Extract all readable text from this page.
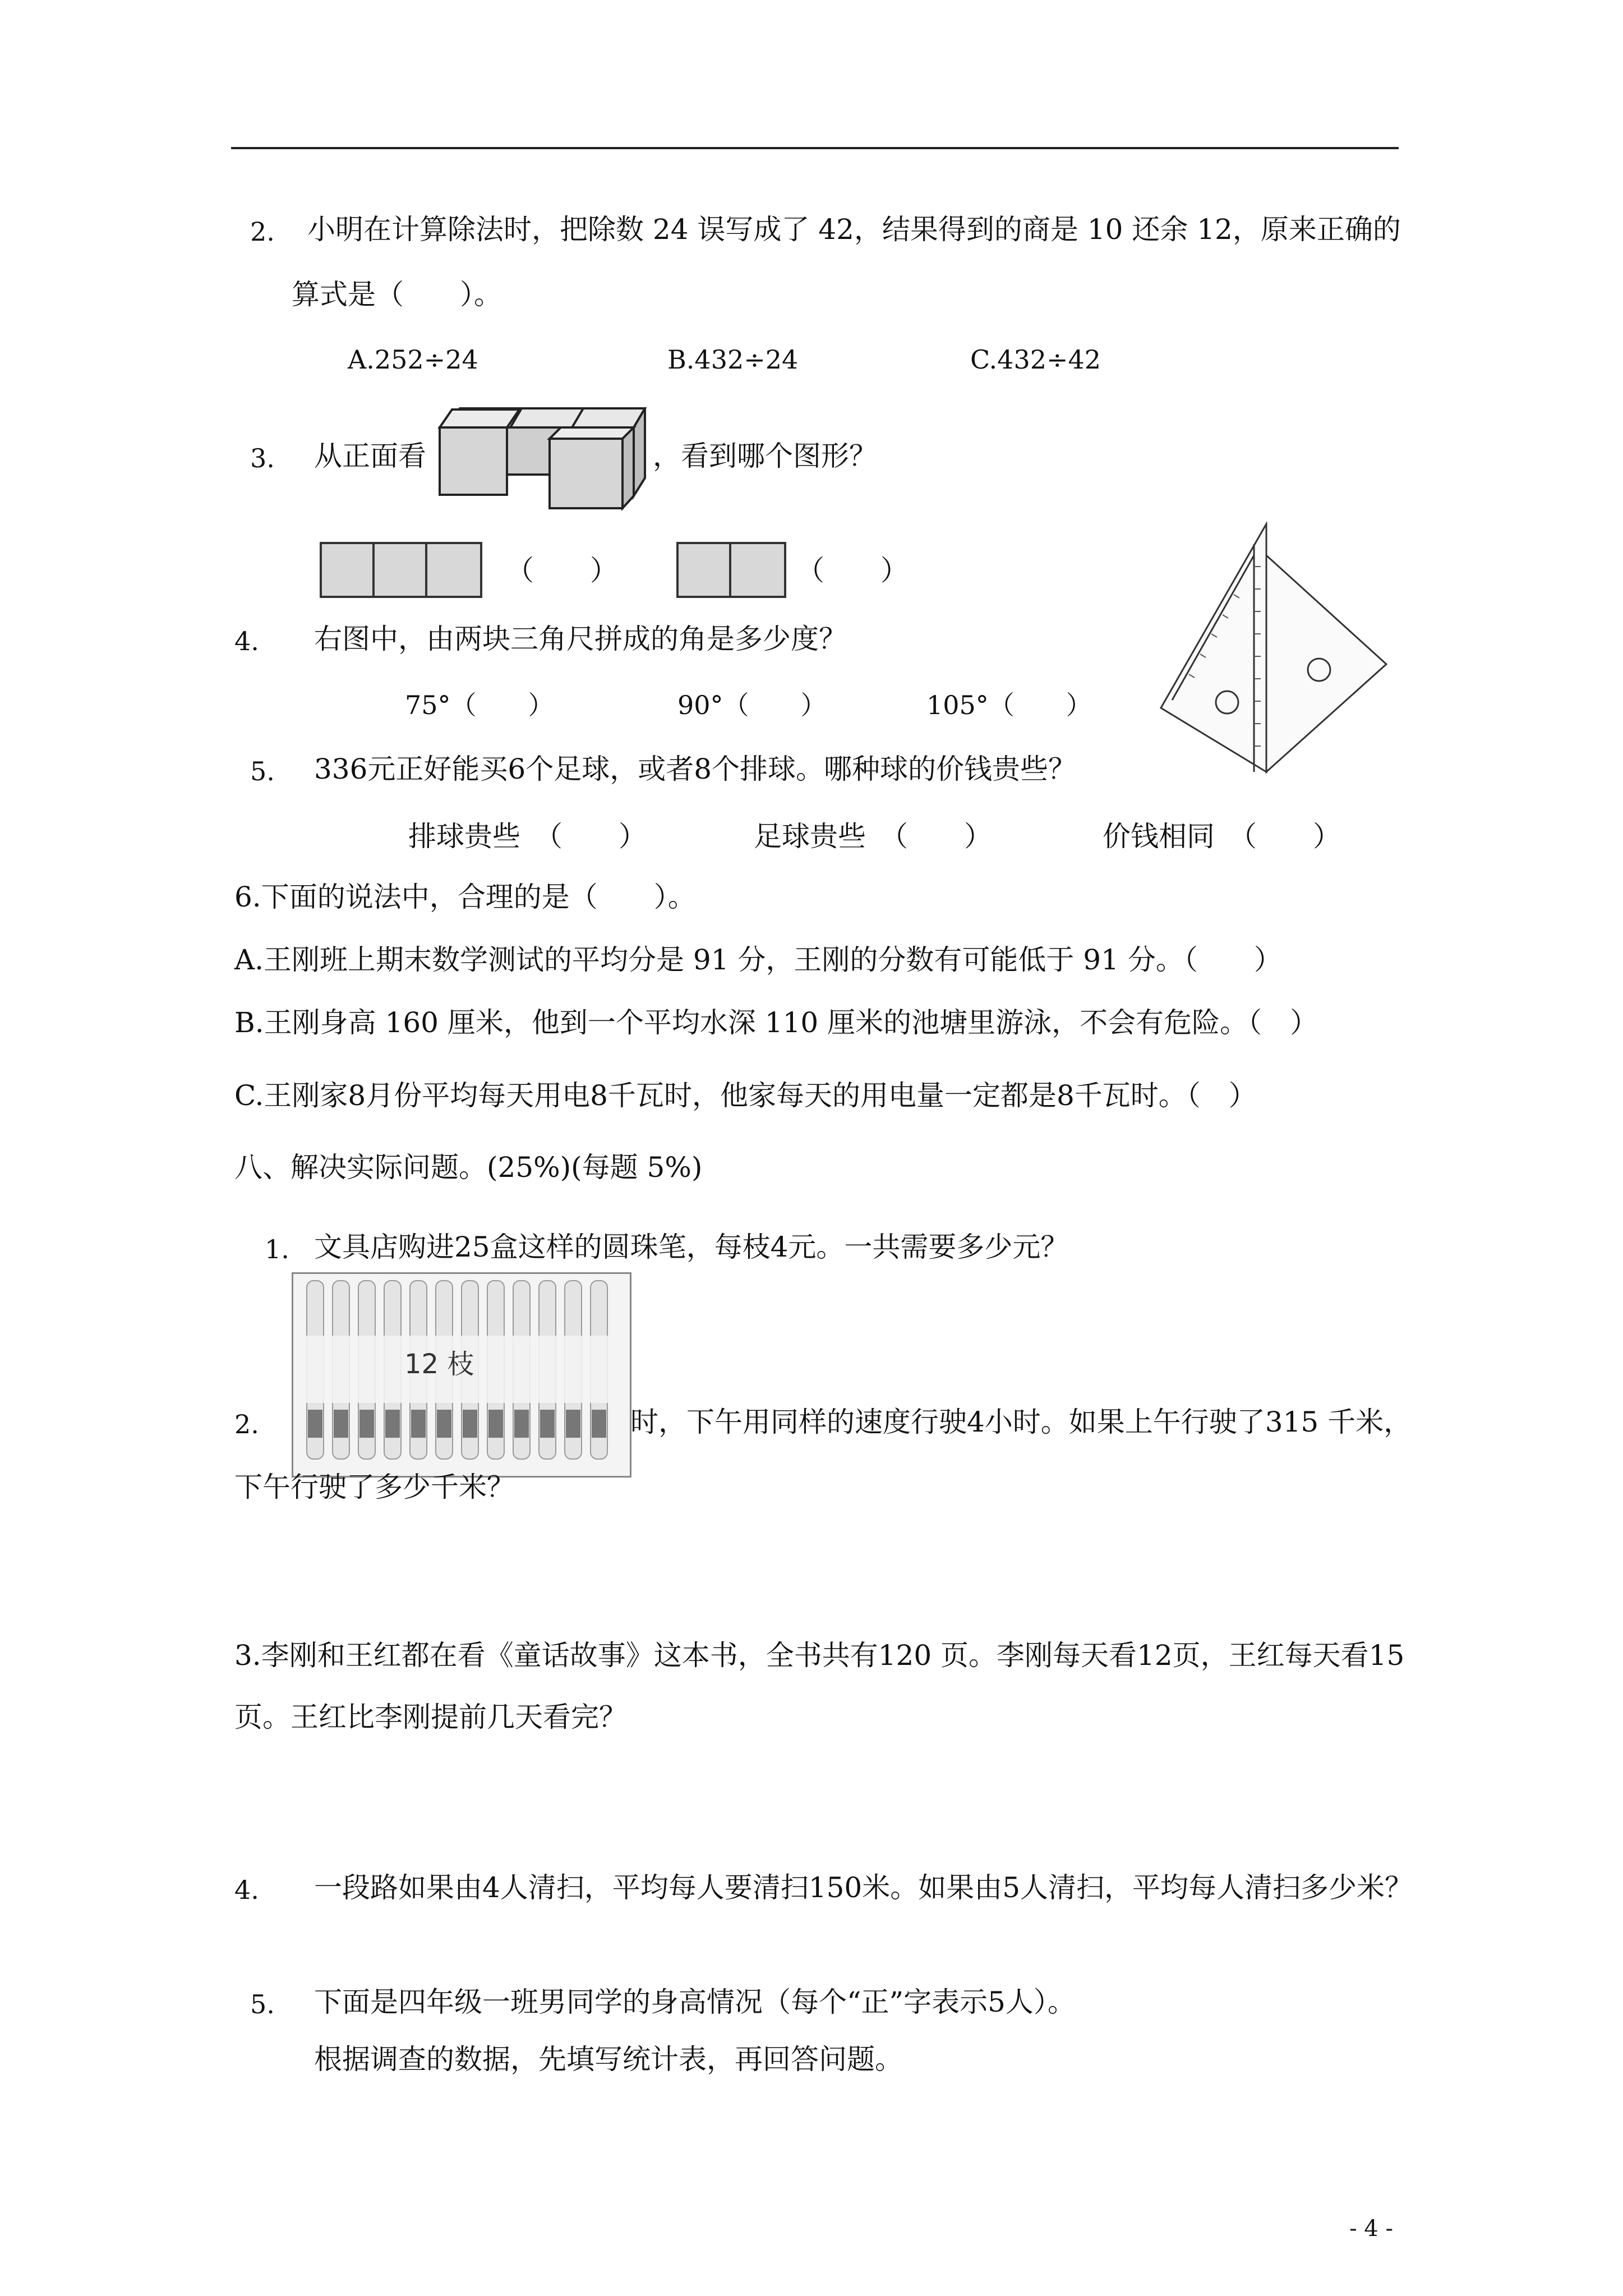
2. 小明在计算除法时，把除数 24 误写成了 42，结果得到的商是 10 还余 12，原来正确的
算式是（　　）。
A.252÷24	B.432÷24	C.432÷42
3. 从正面看	，看到哪个图形？
（　　）	（　　）
4. 右图中，由两块三角尺拼成的角是多少度？
75°（　　）	90°（　　）	105°（　　）
5. 336元正好能买6个足球，或者8个排球。哪种球的价钱贵些？
排球贵些　（　　）	足球贵些　（　　）	价钱相同　（　　）
6.下面的说法中，合理的是（　　）。
A.王刚班上期末数学测试的平均分是 91 分，王刚的分数有可能低于 91 分。（　　）
B.王刚身高 160 厘米，他到一个平均水深 110 厘米的池塘里游泳，不会有危险。（　）
C.王刚家8月份平均每天用电8千瓦时，他家每天的用电量一定都是8千瓦时。（　）
八、解决实际问题。(25%)(每题 5%)
1. 文具店购进25盒这样的圆珠笔，每枝4元。一共需要多少元？
12 枝
2.	时，下午用同样的速度行驶4小时。如果上午行驶了315 千米，
下午行驶了多少千米？
3.李刚和王红都在看《童话故事》这本书，全书共有120 页。李刚每天看12页，王红每天看15
页。王红比李刚提前几天看完？
4. 一段路如果由4人清扫，平均每人要清扫150米。如果由5人清扫，平均每人清扫多少米？
5. 下面是四年级一班男同学的身高情况（每个“正”字表示5人）。
根据调查的数据，先填写统计表，再回答问题。
- 4 -
